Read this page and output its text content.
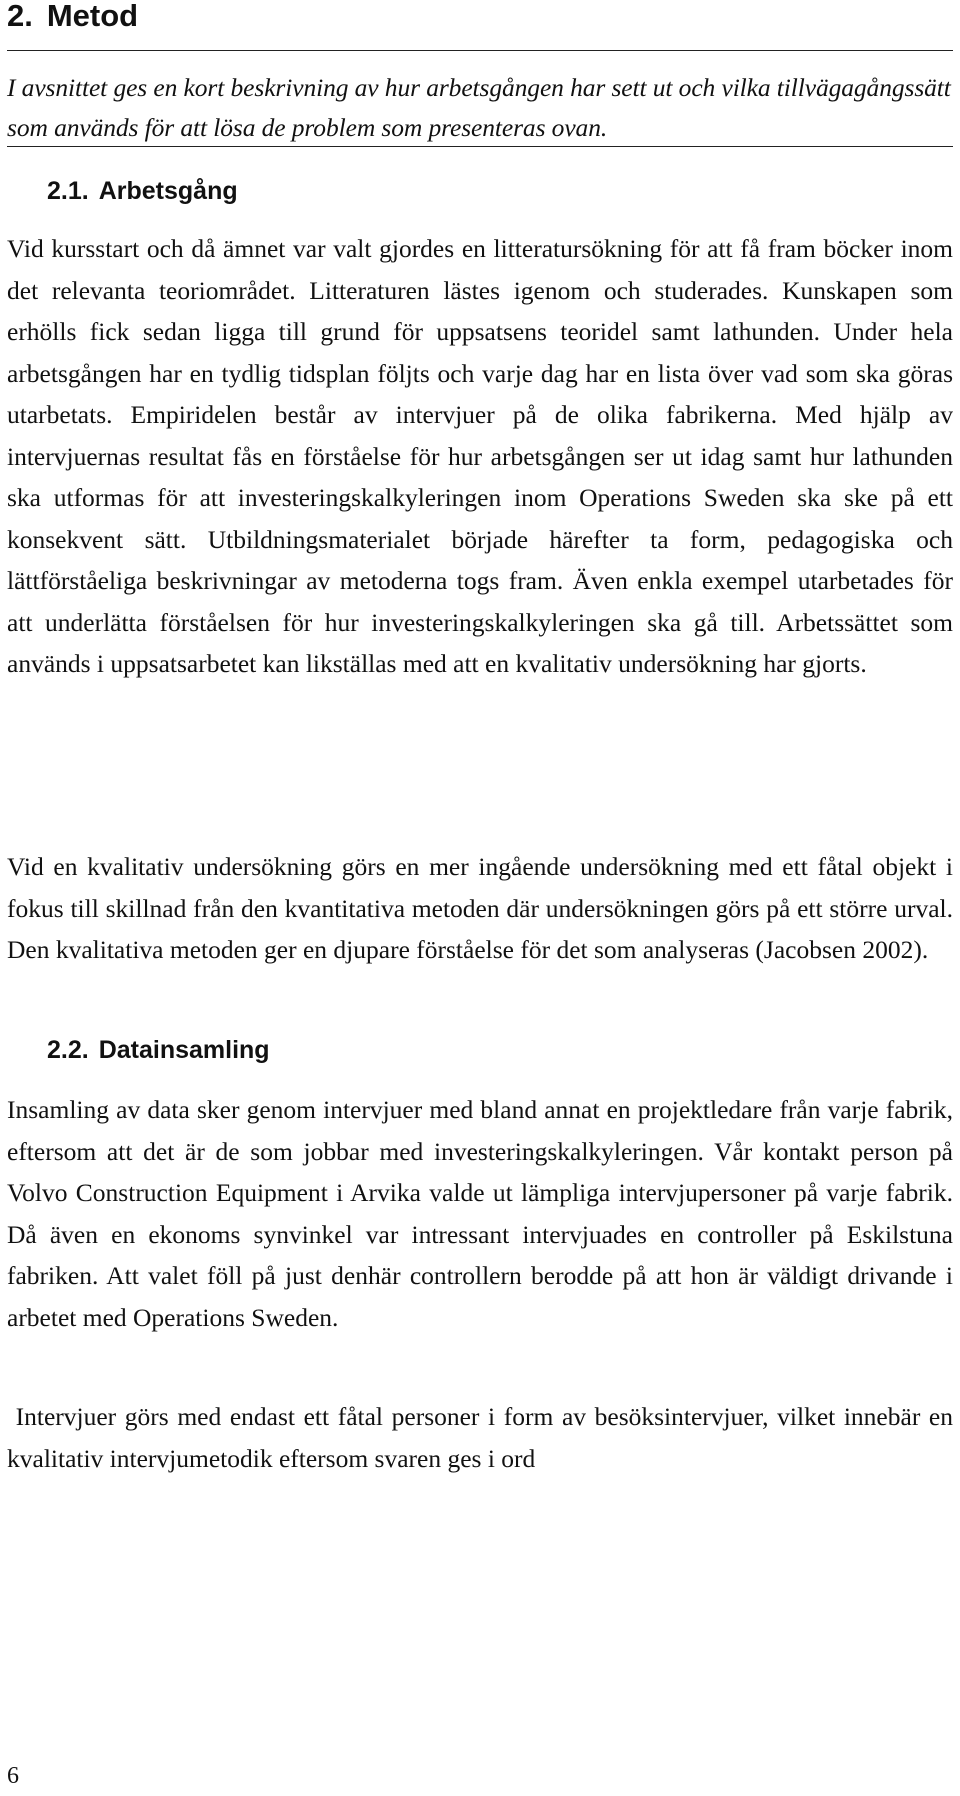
2. Metod
I avsnittet ges en kort beskrivning av hur arbetsgången har sett ut och vilka tillvägagångssätt som används för att lösa de problem som presenteras ovan.
2.1. Arbetsgång

Vid kursstart och då ämnet var valt gjordes en litteratursökning för att få fram böcker inom det relevanta teoriområdet. Litteraturen lästes igenom och studerades. Kunskapen som erhölls fick sedan ligga till grund för uppsatsens teoridel samt lathunden. Under hela arbetsgången har en tydlig tidsplan följts och varje dag har en lista över vad som ska göras utarbetats. Empiridelen består av intervjuer på de olika fabrikerna. Med hjälp av intervjuernas resultat fås en förståelse för hur arbetsgången ser ut idag samt hur lathunden ska utformas för att investeringskalkyleringen inom Operations Sweden ska ske på ett konsekvent sätt. Utbildningsmaterialet började härefter ta form, pedagogiska och lättförståeliga beskrivningar av metoderna togs fram. Även enkla exempel utarbetades för att underlätta förståelsen för hur investeringskalkyleringen ska gå till. Arbetssättet som används i uppsatsarbetet kan likställas med att en kvalitativ undersökning har gjorts.

Vid en kvalitativ undersökning görs en mer ingående undersökning med ett fåtal objekt i fokus till skillnad från den kvantitativa metoden där undersökningen görs på ett större urval. Den kvalitativa metoden ger en djupare förståelse för det som analyseras (Jacobsen 2002).

2.2. Datainsamling

Insamling av data sker genom intervjuer med bland annat en projektledare från varje fabrik, eftersom att det är de som jobbar med investeringskalkyleringen. Vår kontakt person på Volvo Construction Equipment i Arvika valde ut lämpliga intervjupersoner på varje fabrik. Då även en ekonoms synvinkel var intressant intervjuades en controller på Eskilstuna fabriken. Att valet föll på just denhär controllern berodde på att hon är väldigt drivande i arbetet med Operations Sweden.

Intervjuer görs med endast ett fåtal personer i form av besöksintervjuer, vilket innebär en kvalitativ intervjumetodik eftersom svaren ges i ord

6
